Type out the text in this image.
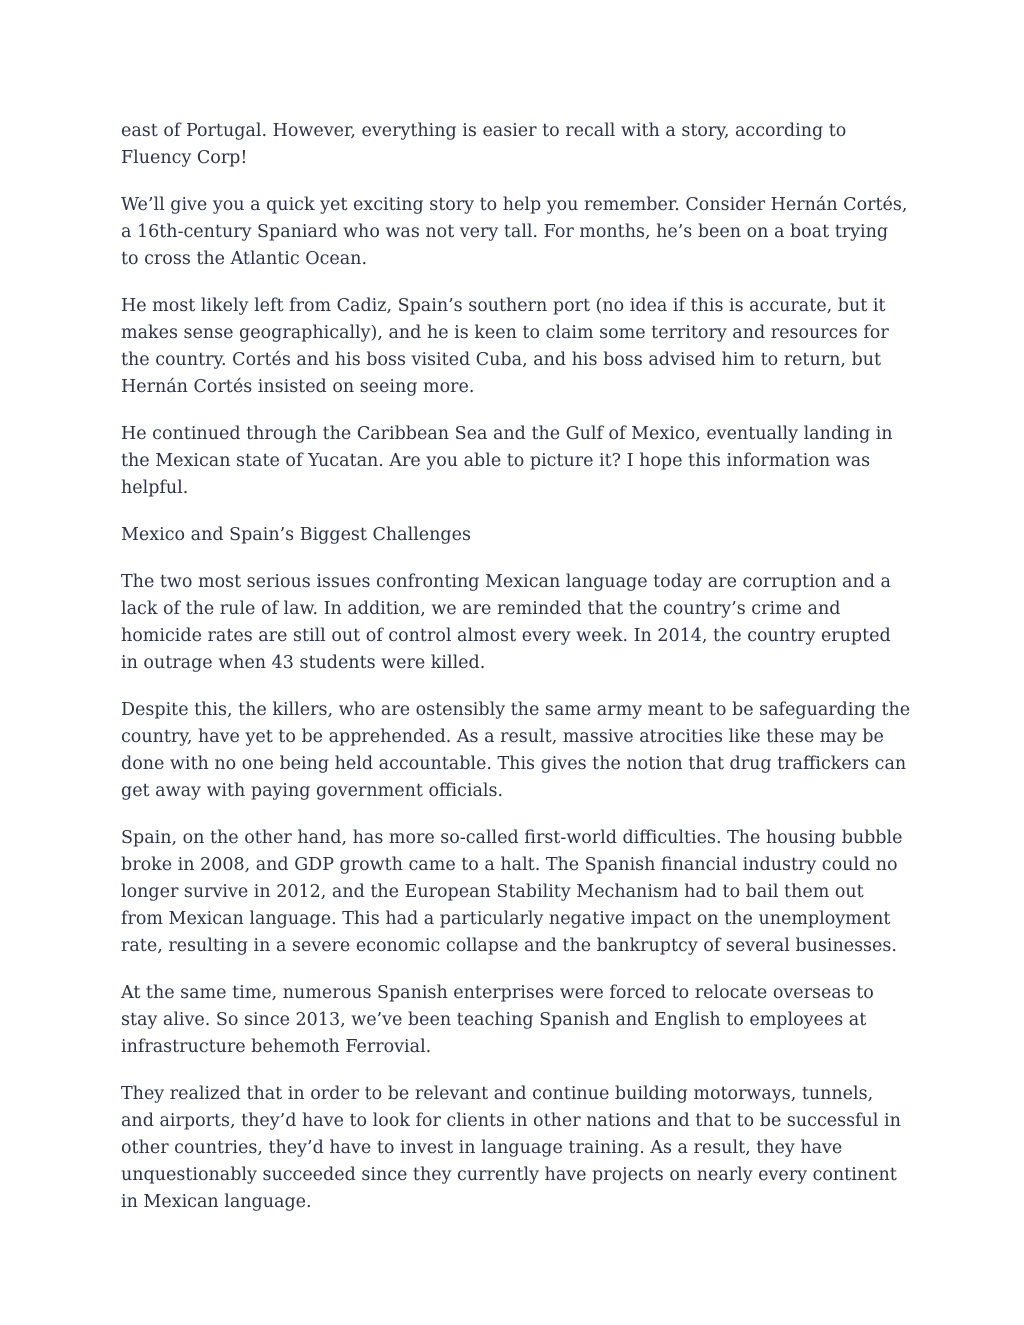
east of Portugal. However, everything is easier to recall with a story, according to Fluency Corp!

We’ll give you a quick yet exciting story to help you remember. Consider Hernán Cortés, a 16th-century Spaniard who was not very tall. For months, he’s been on a boat trying to cross the Atlantic Ocean.

He most likely left from Cadiz, Spain’s southern port (no idea if this is accurate, but it makes sense geographically), and he is keen to claim some territory and resources for the country. Cortés and his boss visited Cuba, and his boss advised him to return, but Hernán Cortés insisted on seeing more.

He continued through the Caribbean Sea and the Gulf of Mexico, eventually landing in the Mexican state of Yucatan. Are you able to picture it? I hope this information was helpful.

Mexico and Spain’s Biggest Challenges

The two most serious issues confronting Mexican language today are corruption and a lack of the rule of law. In addition, we are reminded that the country’s crime and homicide rates are still out of control almost every week. In 2014, the country erupted in outrage when 43 students were killed.

Despite this, the killers, who are ostensibly the same army meant to be safeguarding the country, have yet to be apprehended. As a result, massive atrocities like these may be done with no one being held accountable. This gives the notion that drug traffickers can get away with paying government officials.

Spain, on the other hand, has more so-called first-world difficulties. The housing bubble broke in 2008, and GDP growth came to a halt. The Spanish financial industry could no longer survive in 2012, and the European Stability Mechanism had to bail them out from Mexican language. This had a particularly negative impact on the unemployment rate, resulting in a severe economic collapse and the bankruptcy of several businesses.

At the same time, numerous Spanish enterprises were forced to relocate overseas to stay alive. So since 2013, we’ve been teaching Spanish and English to employees at infrastructure behemoth Ferrovial.

They realized that in order to be relevant and continue building motorways, tunnels, and airports, they’d have to look for clients in other nations and that to be successful in other countries, they’d have to invest in language training. As a result, they have unquestionably succeeded since they currently have projects on nearly every continent in Mexican language.
